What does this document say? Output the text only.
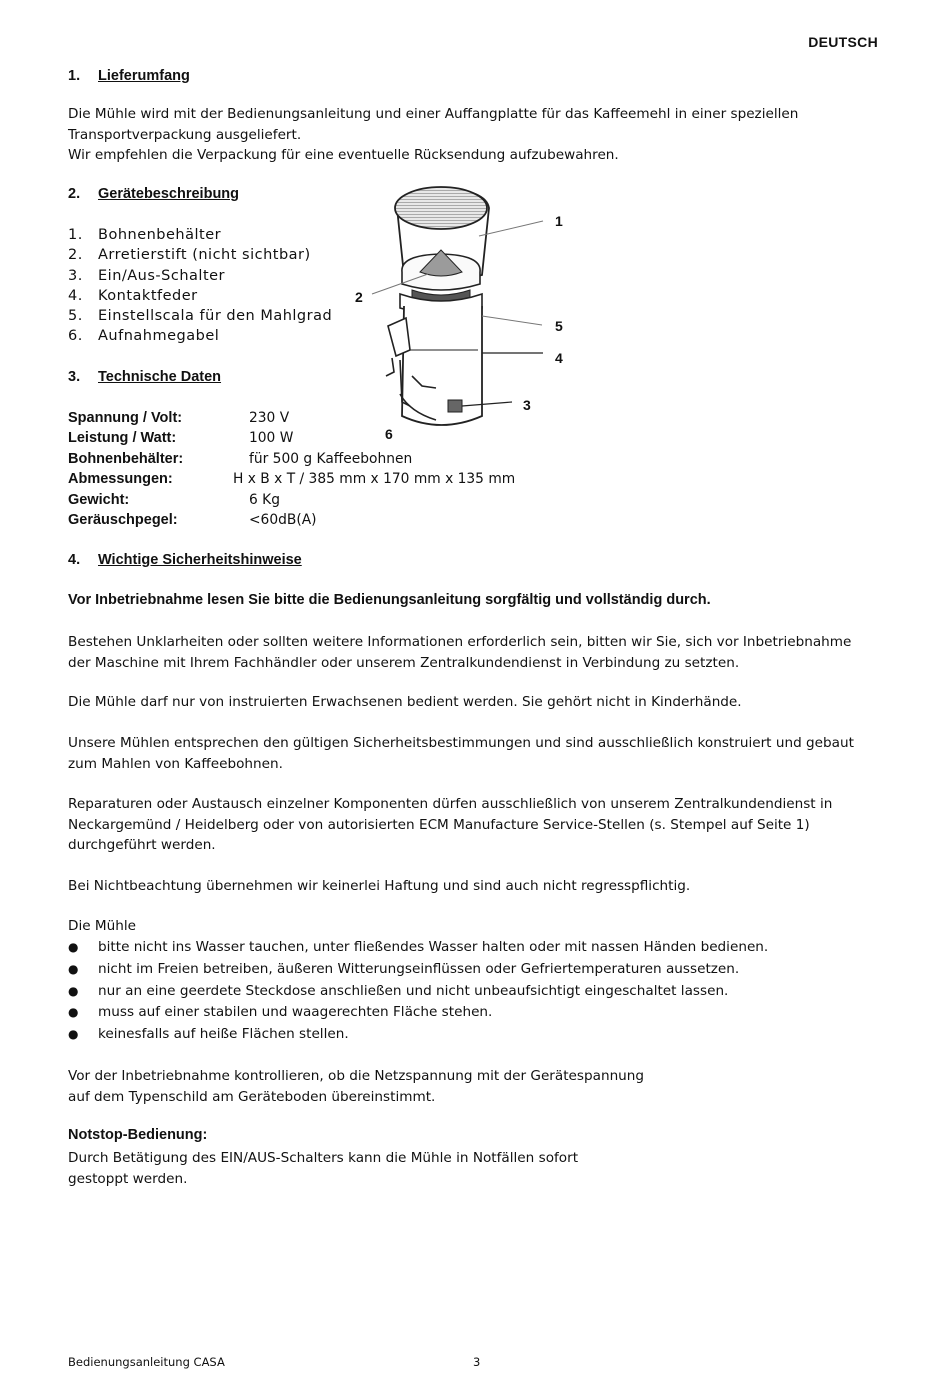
DEUTSCH
1. Lieferumfang
Die Mühle wird mit der Bedienungsanleitung und einer Auffangplatte für das Kaffeemehl in einer speziellen
Transportverpackung ausgeliefert.
Wir empfehlen die Verpackung für eine eventuelle Rücksendung aufzubewahren.
2. Gerätebeschreibung
1.	Bohnenbehälter
2.	Arretierstift (nicht sichtbar)
3.	Ein/Aus-Schalter
4.	Kontaktfeder
5.	Einstellscala für den Mahlgrad
6.	Aufnahmegabel
1
2
3
4
5
6
3. Technische Daten
Spannung / Volt:	230 V
Leistung / Watt:	100 W
Bohnenbehälter:	für 500 g Kaffeebohnen
Abmessungen:	H x B x T / 385 mm x 170 mm x 135 mm
Gewicht:	6 Kg
Geräuschpegel:	<60dB(A)
4. Wichtige Sicherheitshinweise
Vor Inbetriebnahme lesen Sie bitte die Bedienungsanleitung sorgfältig und vollständig durch.
Bestehen Unklarheiten oder sollten weitere Informationen erforderlich sein, bitten wir Sie, sich vor Inbetriebnahme
der Maschine mit Ihrem Fachhändler oder unserem Zentralkundendienst in Verbindung zu setzten.
Die Mühle darf nur von instruierten Erwachsenen bedient werden. Sie gehört nicht in Kinderhände.
Unsere Mühlen entsprechen den gültigen Sicherheitsbestimmungen und sind ausschließlich konstruiert und gebaut
zum Mahlen von Kaffeebohnen.
Reparaturen oder Austausch einzelner Komponenten dürfen ausschließlich von unserem Zentralkundendienst in
Neckargemünd / Heidelberg oder von autorisierten ECM Manufacture Service-Stellen (s. Stempel auf Seite 1)
durchgeführt werden.
Bei Nichtbeachtung übernehmen wir keinerlei Haftung und sind auch nicht regresspflichtig.
Die Mühle
●	bitte nicht ins Wasser tauchen, unter fließendes Wasser halten oder mit nassen Händen bedienen.
●	nicht im Freien betreiben, äußeren Witterungseinflüssen oder Gefriertemperaturen aussetzen.
●	nur an eine geerdete Steckdose anschließen und nicht unbeaufsichtigt eingeschaltet lassen.
●	muss auf einer stabilen und waagerechten Fläche stehen.
●	keinesfalls auf heiße Flächen stellen.
Vor der Inbetriebnahme kontrollieren, ob die Netzspannung mit der Gerätespannung
auf dem Typenschild am Geräteboden übereinstimmt.
Notstop-Bedienung:
Durch Betätigung des EIN/AUS-Schalters kann die Mühle in Notfällen sofort
gestoppt werden.
Bedienungsanleitung CASA	3
